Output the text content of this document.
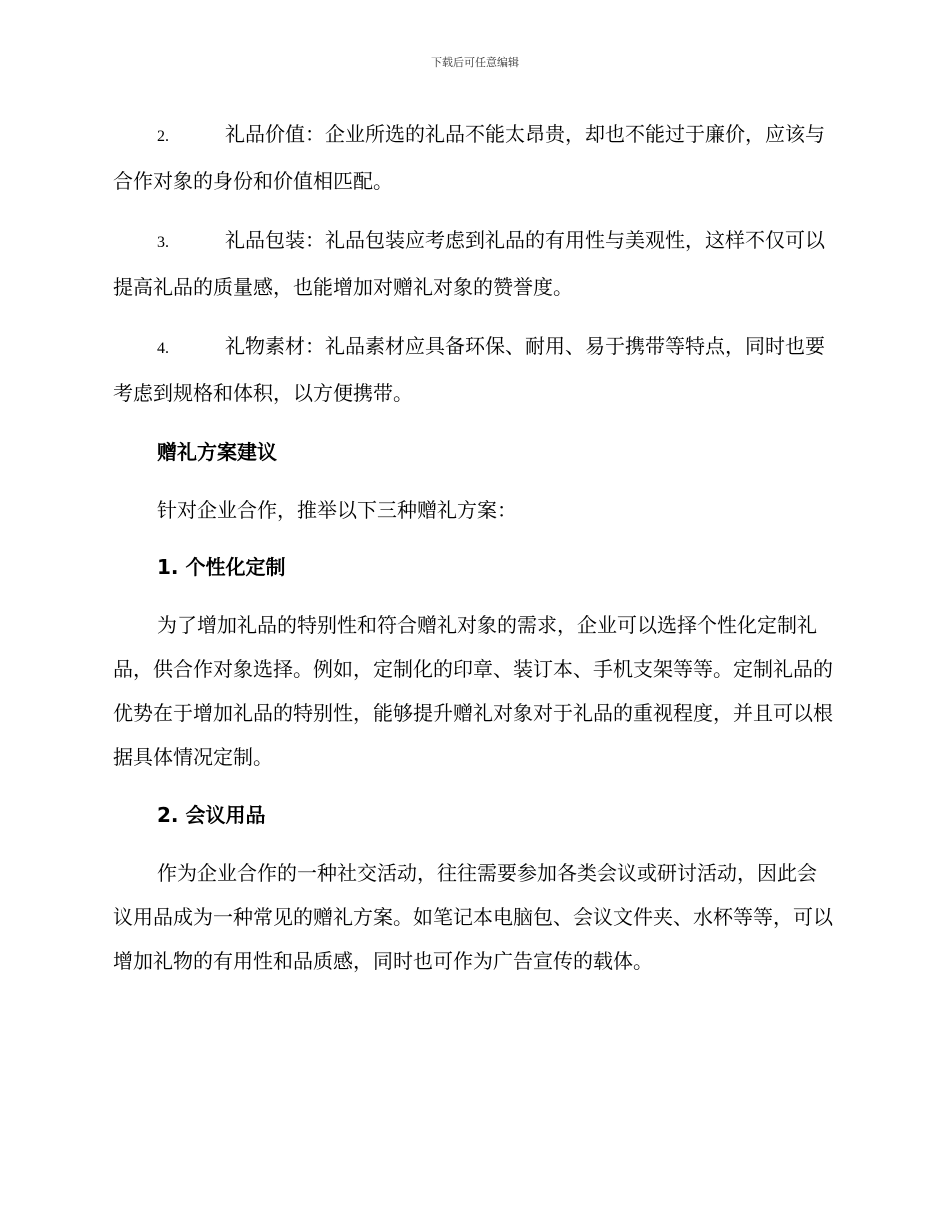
下载后可任意编辑

2.	礼品价值：企业所选的礼品不能太昂贵，却也不能过于廉价，应该与合作对象的身份和价值相匹配。

3.	礼品包装：礼品包装应考虑到礼品的有用性与美观性，这样不仅可以提高礼品的质量感，也能增加对赠礼对象的赞誉度。

4.	礼物素材：礼品素材应具备环保、耐用、易于携带等特点，同时也要考虑到规格和体积，以方便携带。

赠礼方案建议

针对企业合作，推举以下三种赠礼方案：

1. 个性化定制

为了增加礼品的特别性和符合赠礼对象的需求，企业可以选择个性化定制礼品，供合作对象选择。例如，定制化的印章、装订本、手机支架等等。定制礼品的优势在于增加礼品的特别性，能够提升赠礼对象对于礼品的重视程度，并且可以根据具体情况定制。

2. 会议用品

作为企业合作的一种社交活动，往往需要参加各类会议或研讨活动，因此会议用品成为一种常见的赠礼方案。如笔记本电脑包、会议文件夹、水杯等等，可以增加礼物的有用性和品质感，同时也可作为广告宣传的载体。
